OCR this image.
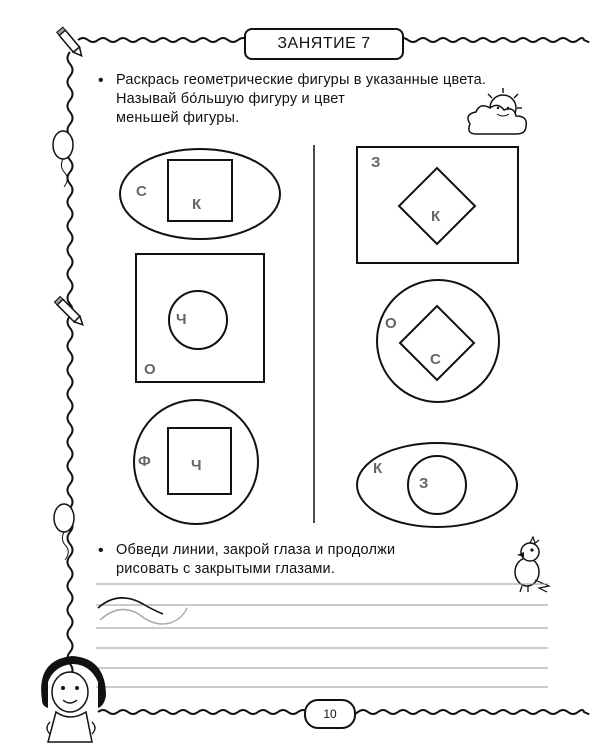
ЗАНЯТИЕ 7
• Раскрась геометрические фигуры в указанные цвета.
Называй бо́льшую фигуру и цвет
меньшей фигуры.
• Обведи линии, закрой глаза и продолжи
рисовать с закрытыми глазами.
С
К
О
Ч
Ф	Ч
З
К
О
С
К
З
10
